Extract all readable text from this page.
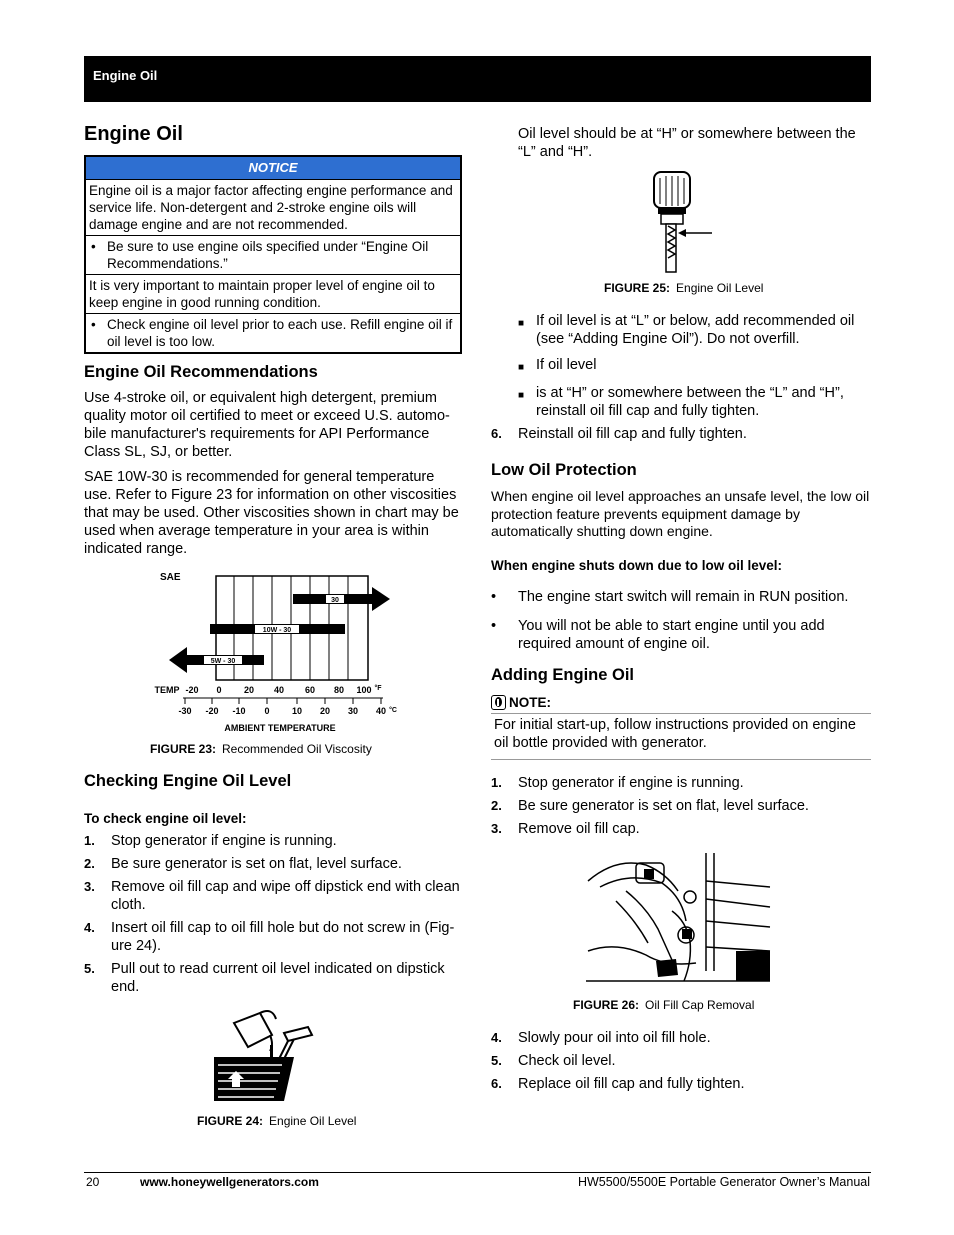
Engine Oil
Engine Oil
NOTICE
Engine oil is a major factor affecting engine performance and service life. Non-detergent and 2-stroke engine oils will damage engine and are not recommended.
• Be sure to use engine oils specified under “Engine Oil Recommendations.”
It is very important to maintain proper level of engine oil to keep engine in good running condition.
• Check engine oil level prior to each use. Refill engine oil if oil level is too low.
Engine Oil Recommendations
Use 4-stroke oil, or equivalent high detergent, premium quality motor oil certified to meet or exceed U.S. automo-bile manufacturer's requirements for API Performance Class SL, SJ, or better.
SAE 10W-30 is recommended for general temperature use. Refer to Figure 23 for information on other viscosities that may be used. Other viscosities shown in chart may be used when average temperature in your area is within indicated range.
SAE
30
10W - 30
5W - 30
TEMP -20 0 20 40 60 80 100 °F
-30 -20 -10 0 10 20 30 40 °C
AMBIENT TEMPERATURE
FIGURE 23: Recommended Oil Viscosity
Checking Engine Oil Level
To check engine oil level:
1.	Stop generator if engine is running.
2.	Be sure generator is set on flat, level surface.
3.	Remove oil fill cap and wipe off dipstick end with clean cloth.
4.	Insert oil fill cap to oil fill hole but do not screw in (Fig-ure 24).
5.	Pull out to read current oil level indicated on dipstick end.
FIGURE 24: Engine Oil Level
Oil level should be at “H” or somewhere between the “L” and “H”.
FIGURE 25: Engine Oil Level
■ If oil level is at “L” or below, add recommended oil (see “Adding Engine Oil”). Do not overfill.
■ If oil level
■ is at “H” or somewhere between the “L” and “H”, reinstall oil fill cap and fully tighten.
6.	Reinstall oil fill cap and fully tighten.
Low Oil Protection
When engine oil level approaches an unsafe level, the low oil protection feature prevents equipment damage by automatically shutting down engine.
When engine shuts down due to low oil level:
•	The engine start switch will remain in RUN position.
•	You will not be able to start engine until you add required amount of engine oil.
Adding Engine Oil
NOTE:
For initial start-up, follow instructions provided on engine oil bottle provided with generator.
1.	Stop generator if engine is running.
2.	Be sure generator is set on flat, level surface.
3.	Remove oil fill cap.
FIGURE 26: Oil Fill Cap Removal
4.	Slowly pour oil into oil fill hole.
5.	Check oil level.
6.	Replace oil fill cap and fully tighten.
20	www.honeywellgenerators.com	HW5500/5500E Portable Generator Owner’s Manual
